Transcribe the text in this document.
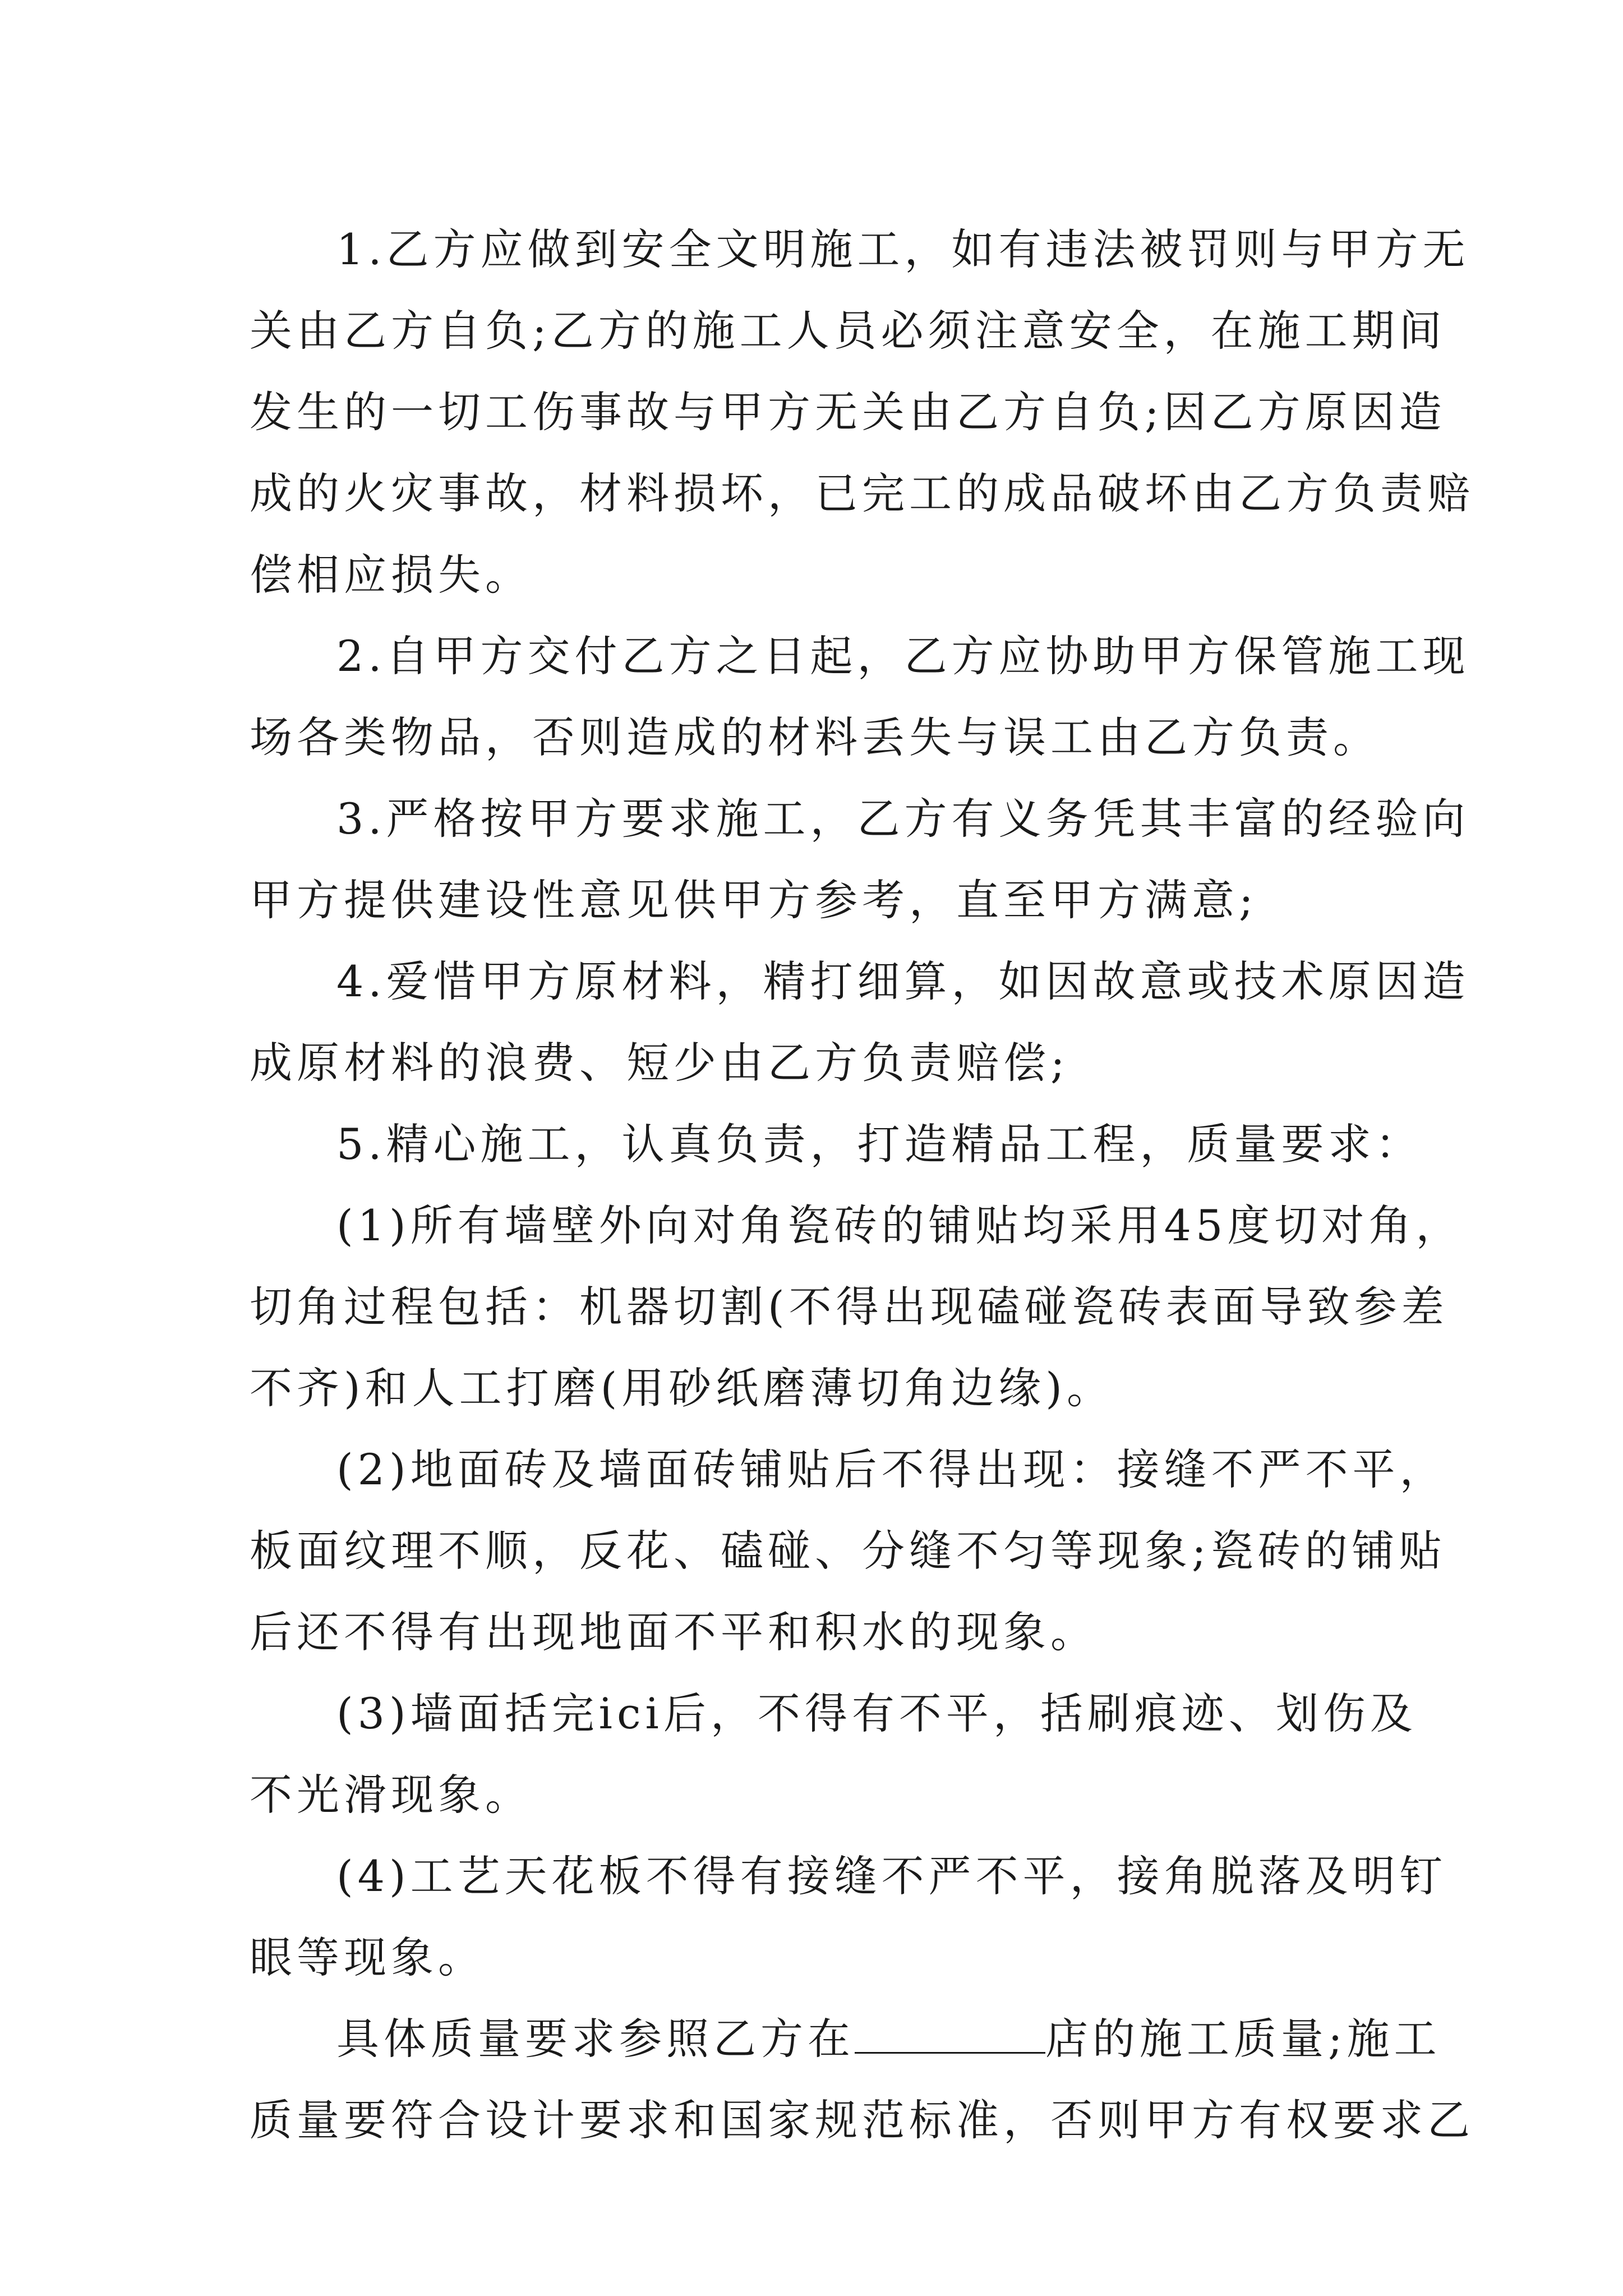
1.乙方应做到安全文明施工，如有违法被罚则与甲方无
关由乙方自负;乙方的施工人员必须注意安全，在施工期间
发生的一切工伤事故与甲方无关由乙方自负;因乙方原因造
成的火灾事故，材料损坏，已完工的成品破坏由乙方负责赔
偿相应损失。
2.自甲方交付乙方之日起，乙方应协助甲方保管施工现
场各类物品，否则造成的材料丢失与误工由乙方负责。
3.严格按甲方要求施工，乙方有义务凭其丰富的经验向
甲方提供建设性意见供甲方参考，直至甲方满意;
4.爱惜甲方原材料，精打细算，如因故意或技术原因造
成原材料的浪费、短少由乙方负责赔偿;
5.精心施工，认真负责，打造精品工程，质量要求：
(1)所有墙壁外向对角瓷砖的铺贴均采用45度切对角，
切角过程包括：机器切割(不得出现磕碰瓷砖表面导致参差
不齐)和人工打磨(用砂纸磨薄切角边缘)。
(2)地面砖及墙面砖铺贴后不得出现：接缝不严不平，
板面纹理不顺，反花、磕碰、分缝不匀等现象;瓷砖的铺贴
后还不得有出现地面不平和积水的现象。
(3)墙面括完ici后，不得有不平，括刷痕迹、划伤及
不光滑现象。
(4)工艺天花板不得有接缝不严不平，接角脱落及明钉
眼等现象。
具体质量要求参照乙方在	店的施工质量;施工
质量要符合设计要求和国家规范标准，否则甲方有权要求乙
